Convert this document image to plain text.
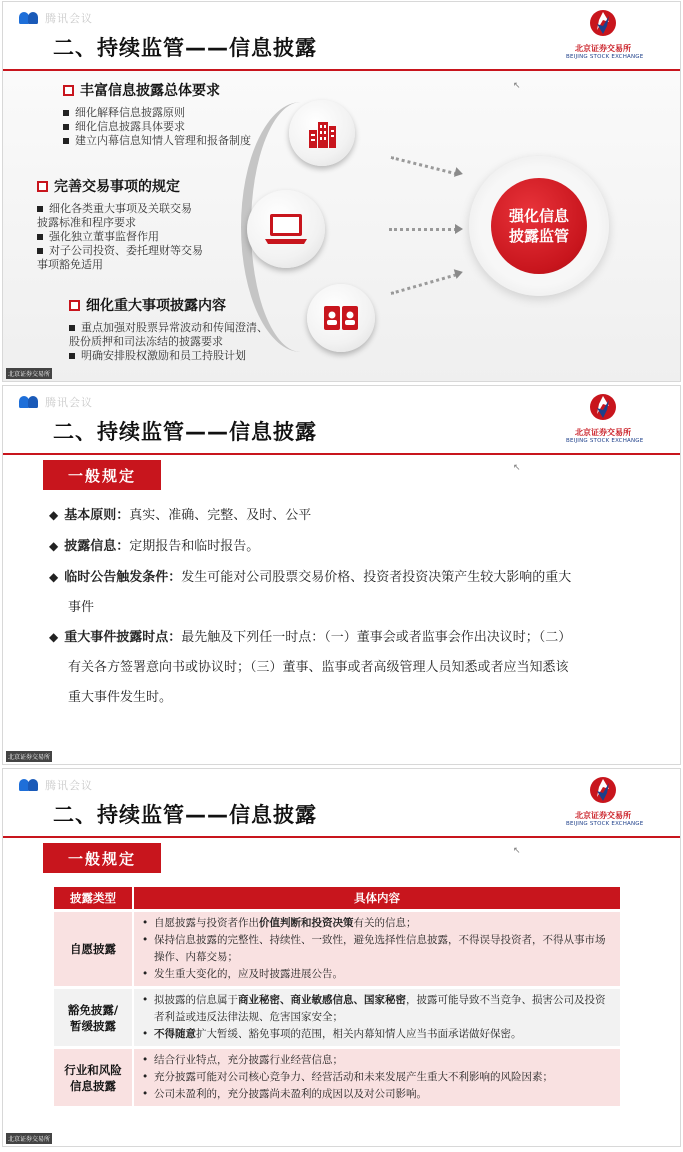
腾讯会议
二、持续监管——信息披露	北京证券交易所
BEIJING STOCK EXCHANGE
丰富信息披露总体要求
细化解释信息披露原则
细化信息披露具体要求
建立内幕信息知情人管理和报备制度
完善交易事项的规定
细化各类重大事项及关联交易
披露标准和程序要求
强化独立董事监督作用
对子公司投资、委托理财等交易
事项豁免适用
细化重大事项披露内容
重点加强对股票异常波动和传闻澄清、
股份质押和司法冻结的披露要求
明确安排股权激励和员工持股计划
强化信息
披露监管
↖
北京证券交易所
腾讯会议
二、持续监管——信息披露	北京证券交易所
BEIJING STOCK EXCHANGE
一般规定
◆ 基本原则：真实、准确、完整、及时、公平
◆ 披露信息：定期报告和临时报告。
◆ 临时公告触发条件：发生可能对公司股票交易价格、投资者投资决策产生较大影响的重大
事件
◆ 重大事件披露时点：最先触及下列任一时点：（一）董事会或者监事会作出决议时；（二）
有关各方签署意向书或协议时；（三）董事、监事或者高级管理人员知悉或者应当知悉该
重大事件发生时。
↖
北京证券交易所
腾讯会议
二、持续监管——信息披露	北京证券交易所
BEIJING STOCK EXCHANGE
一般规定
披露类型	具体内容
自愿披露
• 自愿披露与投资者作出价值判断和投资决策有关的信息；
• 保持信息披露的完整性、持续性、一致性，避免选择性信息披露，不得误导投资者，不得从事市场操作、内幕交易；
• 发生重大变化的，应及时披露进展公告。
豁免披露/暂缓披露
• 拟披露的信息属于商业秘密、商业敏感信息、国家秘密，披露可能导致不当竞争、损害公司及投资者利益或违反法律法规、危害国家安全；
• 不得随意扩大暂缓、豁免事项的范围，相关内幕知情人应当书面承诺做好保密。
行业和风险信息披露
• 结合行业特点，充分披露行业经营信息；
• 充分披露可能对公司核心竞争力、经营活动和未来发展产生重大不利影响的风险因素；
• 公司未盈利的，充分披露尚未盈利的成因以及对公司影响。
↖
北京证券交易所
